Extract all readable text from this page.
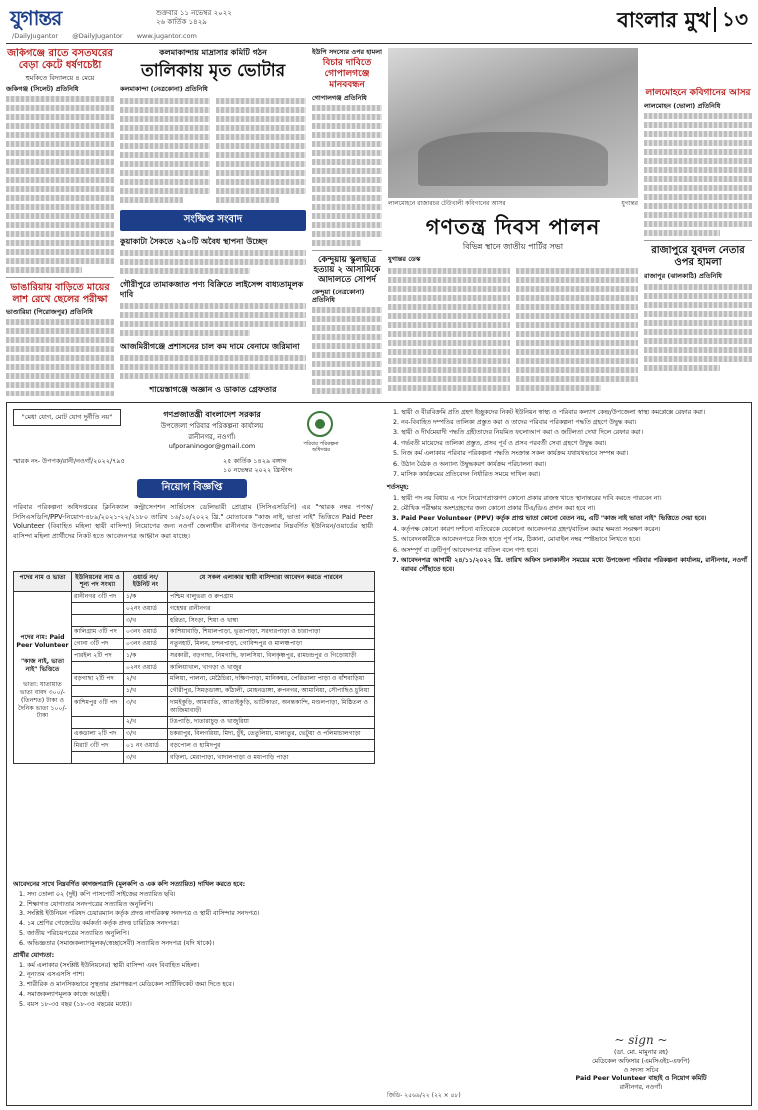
যুগান্তর	শুক্রবার ১১ নভেম্বর ২০২২
২৬ কার্তিক ১৪২৯
/DailyJugantor @DailyJugantor www.jugantor.com
বাংলার মুখ ১৩
জকিগঞ্জে রাতে বসতঘরের বেড়া কেটে ধর্ষণচেষ্টা
হুমকিতে বিদ্যালয়ে ৪ মেয়ে
জকিগঞ্জ (সিলেট) প্রতিনিধি
ভাঙারিয়ায় বাড়িতে মায়ের লাশ রেখে ছেলের পরীক্ষা
ভাণ্ডারিয়া (পিরোজপুর) প্রতিনিধি
কলমাকান্দায় মাদ্রাসার কমিটি গঠন
তালিকায় মৃত ভোটার
কলমাকান্দা (নেত্রকোনা) প্রতিনিধি
সংক্ষিপ্ত সংবাদ
কুয়াকাটা সৈকতে ২৯০টি অবৈধ স্থাপনা উচ্ছেদ
গৌরীপুরে তামাকজাত পণ্য বিক্রিতে লাইসেন্স বাধ্যতামূলক দাবি
আজমিরীগঞ্জে প্রশাসনের চাল কম দামে বেনামে জরিমানা
শায়েস্তাগঞ্জে অজ্ঞান ও ডাকাত গ্রেফতার
ইউপি সদস্যের ওপর হামলা
বিচার দাবিতে গোপালগঞ্জে মানববন্ধন
গোপালগঞ্জ প্রতিনিধি
কেন্দুয়ায় স্কুলছাত্র হত্যায় ২ আসামিকে আদালতে সোপর্দ
কেন্দুয়া (নেত্রকোনা) প্রতিনিধি
লালমোহনে রাজারচর টেউখালী কবিগানের আসর	যুগান্তর
গণতন্ত্র দিবস পালন
বিভিন্ন স্থানে জাতীয় পার্টির সভা
যুগান্তর ডেস্ক
লালমোহনে কবিগানের আসর
লালমোহন (ভোলা) প্রতিনিধি
রাজাপুরে যুবদল নেতার ওপর হামলা
রাজাপুর (ঝালকাঠি) প্রতিনিধি
"মেধা যোগ, মোট যোগ দুর্নীতি নয়"	গণপ্রজাতন্ত্রী বাংলাদেশ সরকার
উপজেলা পরিবার পরিকল্পনা কার্যালয়
রানীনগর, নওগাঁ।
ufporaninogor@gmail.com	পরিবার পরিকল্পনা অধিদপ্তর
স্মারক নং- উপপক/রানী/নওগাঁ/২০২২/৭৯৫	২৫ কার্তিক ১৪২৯ বঙ্গাব্দ
১০ নভেম্বর ২০২২ খ্রিস্টাব্দ
নিয়োগ বিজ্ঞপ্তি
পরিবার পরিকল্পনা অধিদপ্তরের ক্লিনিক্যাল কন্ট্রাসেপশন সার্ভিসেস ডেলিভারী প্রোগ্রাম (সিসিএসডিপি) এর "স্মারক নম্বর পপঅ/সিসিএসডিপি/PPV-নিয়োগ-৪৮৯/২০২১-২২/২১৮০ তারিখ ১৬/১০/২০২২ খ্রি." মোতাবেক "কাজ নাই, ভাতা নাই" ভিত্তিতে Paid Peer Volunteer (বিবাহিত মহিলা স্থায়ী বাসিন্দা) নিয়োগের জন্য নওগাঁ জেলাধীন রানীনগর উপজেলার নিম্নবর্ণিত ইউনিয়ন/ওয়ার্ডের স্থায়ী বাসিন্দা মহিলা প্রার্থীদের নিকট হতে আবেদনপত্র আহ্বান করা যাচ্ছে।
পদের নাম ও ভাতা	ইউনিয়নের নাম ও শূন্য পদ সংখ্যা	ওয়ার্ড নং/ইউনিট নং	যে সকল এলাকার স্থায়ী বাসিন্দারা আবেদন করতে পারবেন

পদের নাম: Paid Peer Volunteer
"কাজ নাই, ভাতা নাই" ভিত্তিতে
ভাতা: যাতায়াত ভাতা বাবদ ৩০০/- (তিনশত) টাকা ও দৈনিক ভাতা ১০০/- টাকা	রানীনগর ৩টি পদ	১/ক	পশ্চিম বালুভরা ও রুপগ্রাম
		০২নং ওয়ার্ড	গহেশ্বর রানীনগর
		৩/খ	হরিতা, সিংড়া, শিয়া ও খাম্বা
	কালিগ্রাম ৩টি পদ	০৩নং ওয়ার্ড	কাশিয়াবাড়ি, শিয়ালপাড়া, ভূতাপাড়া, সরদারপাড়া ও চারাপাড়া
	গোনা ৩টি পদ	০৩নং ওয়ার্ড	নতুনহাট, মিলন, চন্দনপাড়া, গোবিন্দপুর ও মালঞ্চপাড়া
	পারইল ২টি পদ	১/ক	সরকারী, বড়গাছা, নিমগাছি, ফালসিয়া, বিলকৃষ্ণপুর, রামচন্দ্রপুর ও গিড়োয়াড়ী
		০২নং ওয়ার্ড	কালিয়াখাল, খাগড়া ও খাজুর
	বড়গাছা ২টি পদ	২/খ	মলিয়া, পালনা, মেঠৈচিরা, দক্ষিণপাড়া, মানিকশ্বর, পেরিতালা পাড়া ও বাঁশবাড়িয়া
		১/খ	গৌরীপুর, সিমড়ডাঙ্গা, কাঁঠালী, মোহনডাঙ্গা, রুপনগর, আমানিয়া, সৌপাছিও চুনিয়া
	কাশিমপুর ৩টি পদ	৩/খ	দামইকুড়ি, আমবাতি, আতাইকুড়ি, ভাটিকাতা, অনন্তকান্দি, মণ্ডলপাড়া, মিষ্ঠিতল ও আজিমাবাড়ী
		২/খ	টঙপাড়ি, দাতারাচুড় ও খাজুরিয়া
	একডালা ২টি পদ	৩/খ	চকরাপুর, বিলগরিয়া, মিদা, চুঁই, তেতুলিয়া, মালাতুর, ভেটুয়া ও পলিমাচালগাড়া
	মিরাট ৩টি পদ	০১ নং ওয়ার্ড	বড়পোল ও হামিদপুর
		৩/খ	বড়িলা, মেরাপাড়া, খাদালপাড়া ও মধ্যপাড়ি পাড়া
আবেদনের সাথে নিম্নবর্ণিত কাগজপত্রাদি (মূলকপি ও এক কপি সত্যায়িত) দাখিল করতে হবে:
1. সদ্য তোলা ০২ (দুই) কপি পাসপোর্ট সাইজের সত্যায়িত ছবি।
2. শিক্ষাগত যোগ্যতার সনদপত্রের সত্যায়িত অনুলিপি।
3. সংশ্লিষ্ট ইউনিয়ন পরিষদ চেয়ারম্যান কর্তৃক প্রদত্ত নাগরিকত্ব সনদপত্র ও স্থায়ী বাসিন্দার সনদপত্র।
4. ১ম শ্রেণির গেজেটেড কর্মকর্তা কর্তৃক প্রদত্ত চারিত্রিক সনদপত্র।
5. জাতীয় পরিচয়পত্রের সত্যায়িত অনুলিপি।
6. অভিজ্ঞতার (সমাজকল্যাণমূলক/স্বেচ্ছাসেবী) সত্যায়িত সনদপত্র (যদি থাকে)।
প্রার্থীর যোগ্যতা:
1. কর্ম এলাকার (সংশ্লিষ্ট ইউনিয়নের) স্থায়ী বাসিন্দা এবং বিবাহিত মহিলা।
2. নূন্যতম এসএসসি পাশ।
3. শারীরিক ও মানসিকভাবে সুস্থতার প্রমাণস্বরূপ মেডিকেল সার্টিফিকেট জমা দিতে হবে।
4. সমাজকল্যাণমূলক কাজে আগ্রহী।
5. বয়স ১৮-৩৫ বছর (১৮-৩৫ বছরের মধ্যে)।
1. স্থায়ী ও বীরবিক্রমি প্রতি গ্রহণ ইচ্ছুকদের নিকট ইউনিয়ন স্বাস্থ্য ও পরিবার কল্যাণ কেন্দ্র/উপজেলা স্বাস্থ্য কমপ্লেক্সে রেফার করা।
2. নব-বিবাহিত দম্পতির তালিকা প্রস্তুত করা ও তাদের পরিবার পরিকল্পনা পদ্ধতি গ্রহণে উদ্বুদ্ধ করা।
3. স্থায়ী ও দীর্ঘমেয়াদী পদ্ধতি গ্রহীতাদের নিয়মিত ফলোআপ করা ও জটিলতা দেখা দিলে রেফার করা।
4. গর্ভবতী মায়েদের তালিকা প্রস্তুত, প্রসব পূর্ব ও প্রসব পরবর্তী সেবা গ্রহণে উদ্বুদ্ধ করা।
5. নিজ কর্ম এলাকায় পরিবার পরিকল্পনা পদ্ধতি সংক্রান্ত সকল কার্যক্রম যথাযথভাবে সম্পন্ন করা।
6. উঠান বৈঠক ও অন্যান্য উদ্বুদ্ধকরণ কার্যক্রম পরিচালনা করা।
7. মাসিক কার্যক্রমের প্রতিবেদন নির্ধারিত সময়ে দাখিল করা।
শর্তসমূহ:
1. স্থায়ী পদ নয় বিধায় এ পদে নিয়োগপ্রাপ্তগণ কোনো প্রকার রাজস্ব খাতে স্থানান্তরের দাবি করতে পারবেন না।
2. মৌখিক পরীক্ষায় অংশগ্রহণের জন্য কোনো প্রকার টিএ/ডিএ প্রদান করা হবে না।
3. Paid Peer Volunteer (PPV) কর্তৃক প্রাপ্ত ভাতা কোনো বেতন নয়, এটি "কাজ নাই ভাতা নাই" ভিত্তিতে দেয়া হবে।
4. কর্তৃপক্ষ কোনো কারণ দর্শানো ব্যতিরেকে যেকোনো আবেদনপত্র গ্রহণ/বাতিল করার ক্ষমতা সংরক্ষণ করেন।
5. আবেদনকারীকে আবেদনপত্রে নিজ হাতে পূর্ণ নাম, ঠিকানা, মোবাইল নম্বর স্পষ্টভাবে লিখতে হবে।
6. অসম্পূর্ণ বা ত্রুটিপূর্ণ আবেদনপত্র বাতিল বলে গণ্য হবে।
7. আবেদনপত্র আগামী ২৪/১১/২০২২ খ্রি. তারিখ অফিস চলাকালীন সময়ের মধ্যে উপজেলা পরিবার পরিকল্পনা কার্যালয়, রানীনগর, নওগাঁ বরাবর পৌঁছাতে হবে।
~ sign ~
(ডা. মো. মামুনার রহ)
মেডিকেল অফিসার (এমসিএইচ-এফপি)
ও সদস্য সচিব
Paid Peer Volunteer বাছাই ও নিয়োগ কমিটি
রানীনগর, নওগাঁ।
জিডি- ২৫৬৯/২২ (২২ × ৪৮)
